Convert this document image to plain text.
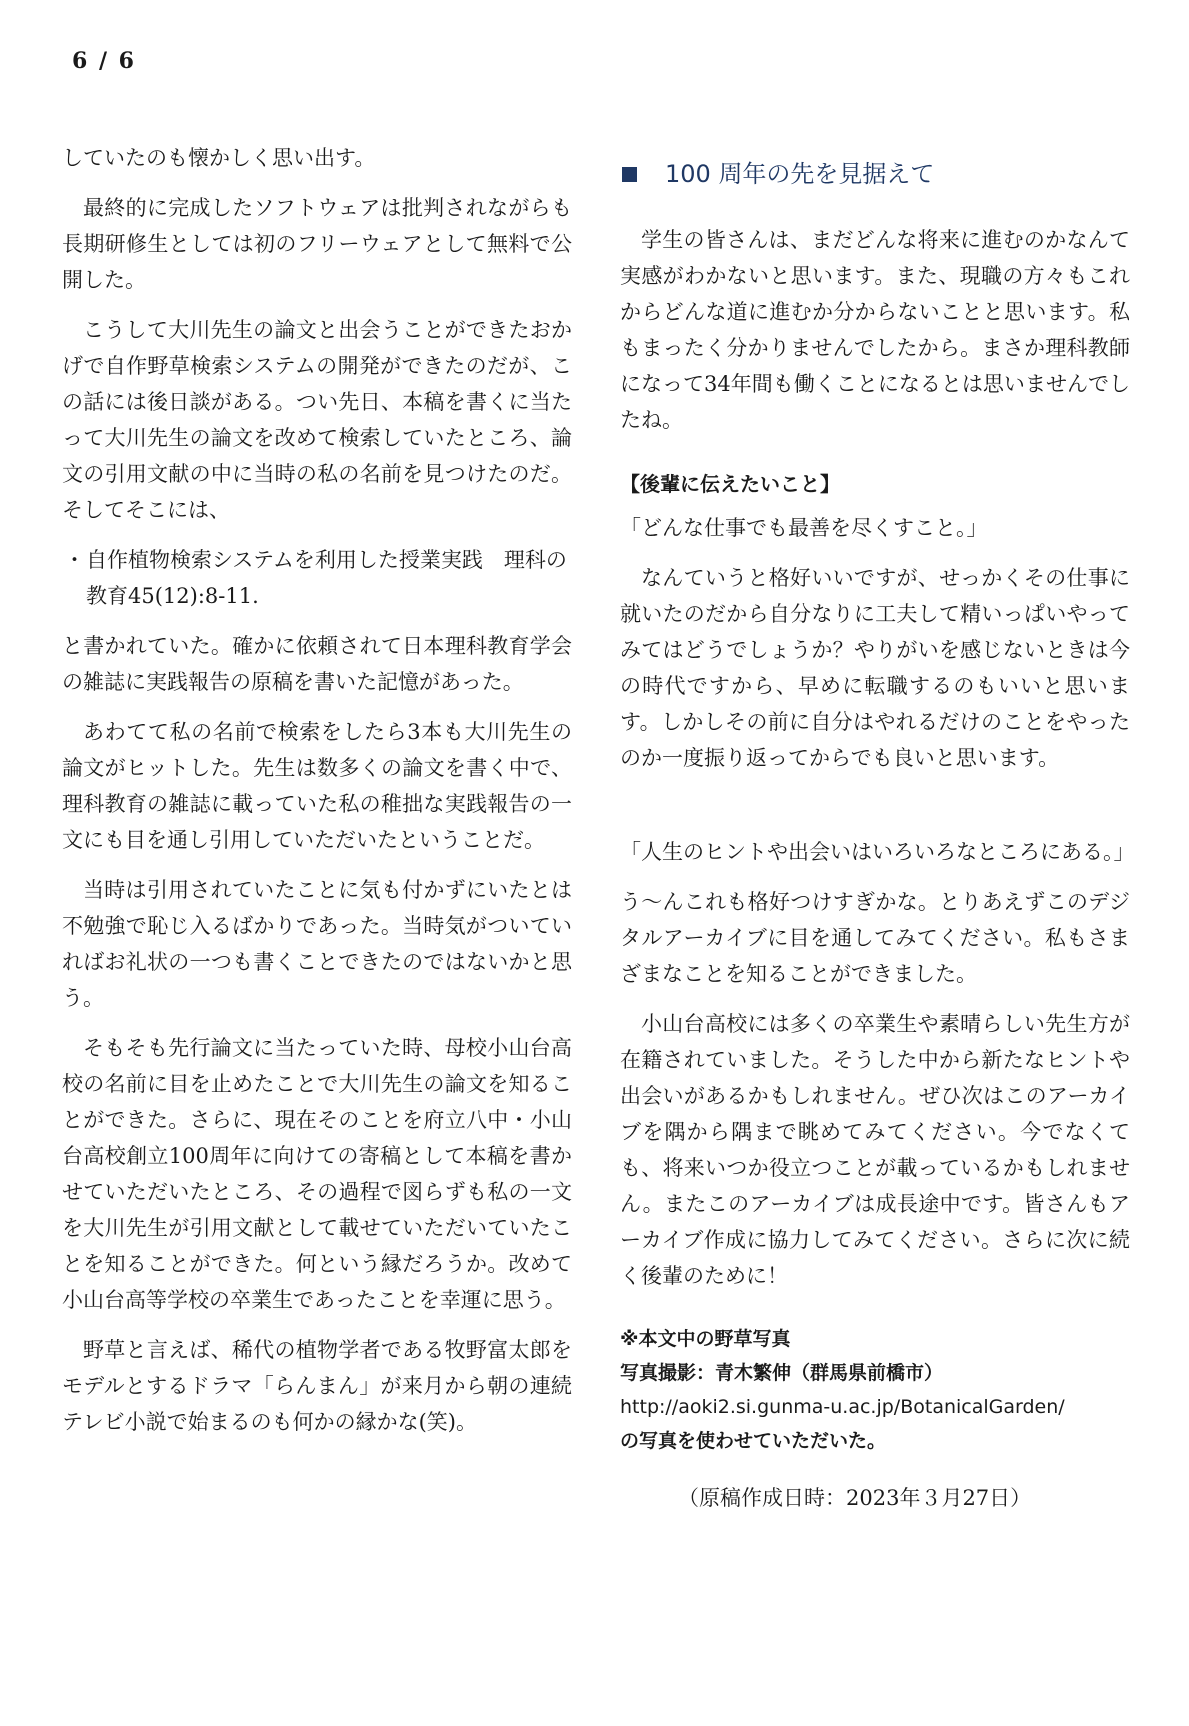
6 / 6

していたのも懐かしく思い出す。

最終的に完成したソフトウェアは批判されながらも長期研修生としては初のフリーウェアとして無料で公開した。

こうして大川先生の論文と出会うことができたおかげで自作野草検索システムの開発ができたのだが、この話には後日談がある。つい先日、本稿を書くに当たって大川先生の論文を改めて検索していたところ、論文の引用文献の中に当時の私の名前を見つけたのだ。そしてそこには、

・ 自作植物検索システムを利用した授業実践　理科の教育45(12):8-11.

と書かれていた。確かに依頼されて日本理科教育学会の雑誌に実践報告の原稿を書いた記憶があった。

あわてて私の名前で検索をしたら3本も大川先生の論文がヒットした。先生は数多くの論文を書く中で、理科教育の雑誌に載っていた私の稚拙な実践報告の一文にも目を通し引用していただいたということだ。

当時は引用されていたことに気も付かずにいたとは不勉強で恥じ入るばかりであった。当時気がついていればお礼状の一つも書くことできたのではないかと思う。

そもそも先行論文に当たっていた時、母校小山台高校の名前に目を止めたことで大川先生の論文を知ることができた。さらに、現在そのことを府立八中・小山台高校創立100周年に向けての寄稿として本稿を書かせていただいたところ、その過程で図らずも私の一文を大川先生が引用文献として載せていただいていたことを知ることができた。何という縁だろうか。改めて小山台高等学校の卒業生であったことを幸運に思う。

野草と言えば、稀代の植物学者である牧野富太郎をモデルとするドラマ「らんまん」が来月から朝の連続テレビ小説で始まるのも何かの縁かな(笑)。

100 周年の先を見据えて

学生の皆さんは、まだどんな将来に進むのかなんて実感がわかないと思います。また、現職の方々もこれからどんな道に進むか分からないことと思います。私もまったく分かりませんでしたから。まさか理科教師になって34年間も働くことになるとは思いませんでしたね。

【後輩に伝えたいこと】

「どんな仕事でも最善を尽くすこと。」

なんていうと格好いいですが、せっかくその仕事に就いたのだから自分なりに工夫して精いっぱいやってみてはどうでしょうか？やりがいを感じないときは今の時代ですから、早めに転職するのもいいと思います。しかしその前に自分はやれるだけのことをやったのか一度振り返ってからでも良いと思います。

「人生のヒントや出会いはいろいろなところにある。」

う～んこれも格好つけすぎかな。とりあえずこのデジタルアーカイブに目を通してみてください。私もさまざまなことを知ることができました。

小山台高校には多くの卒業生や素晴らしい先生方が在籍されていました。そうした中から新たなヒントや出会いがあるかもしれません。ぜひ次はこのアーカイブを隅から隅まで眺めてみてください。今でなくても、将来いつか役立つことが載っているかもしれません。またこのアーカイブは成長途中です。皆さんもアーカイブ作成に協力してみてください。さらに次に続く後輩のために！

※本文中の野草写真
写真撮影：青木繁伸（群馬県前橋市）
http://aoki2.si.gunma-u.ac.jp/BotanicalGarden/
の写真を使わせていただいた。
（原稿作成日時：2023年３月27日）
